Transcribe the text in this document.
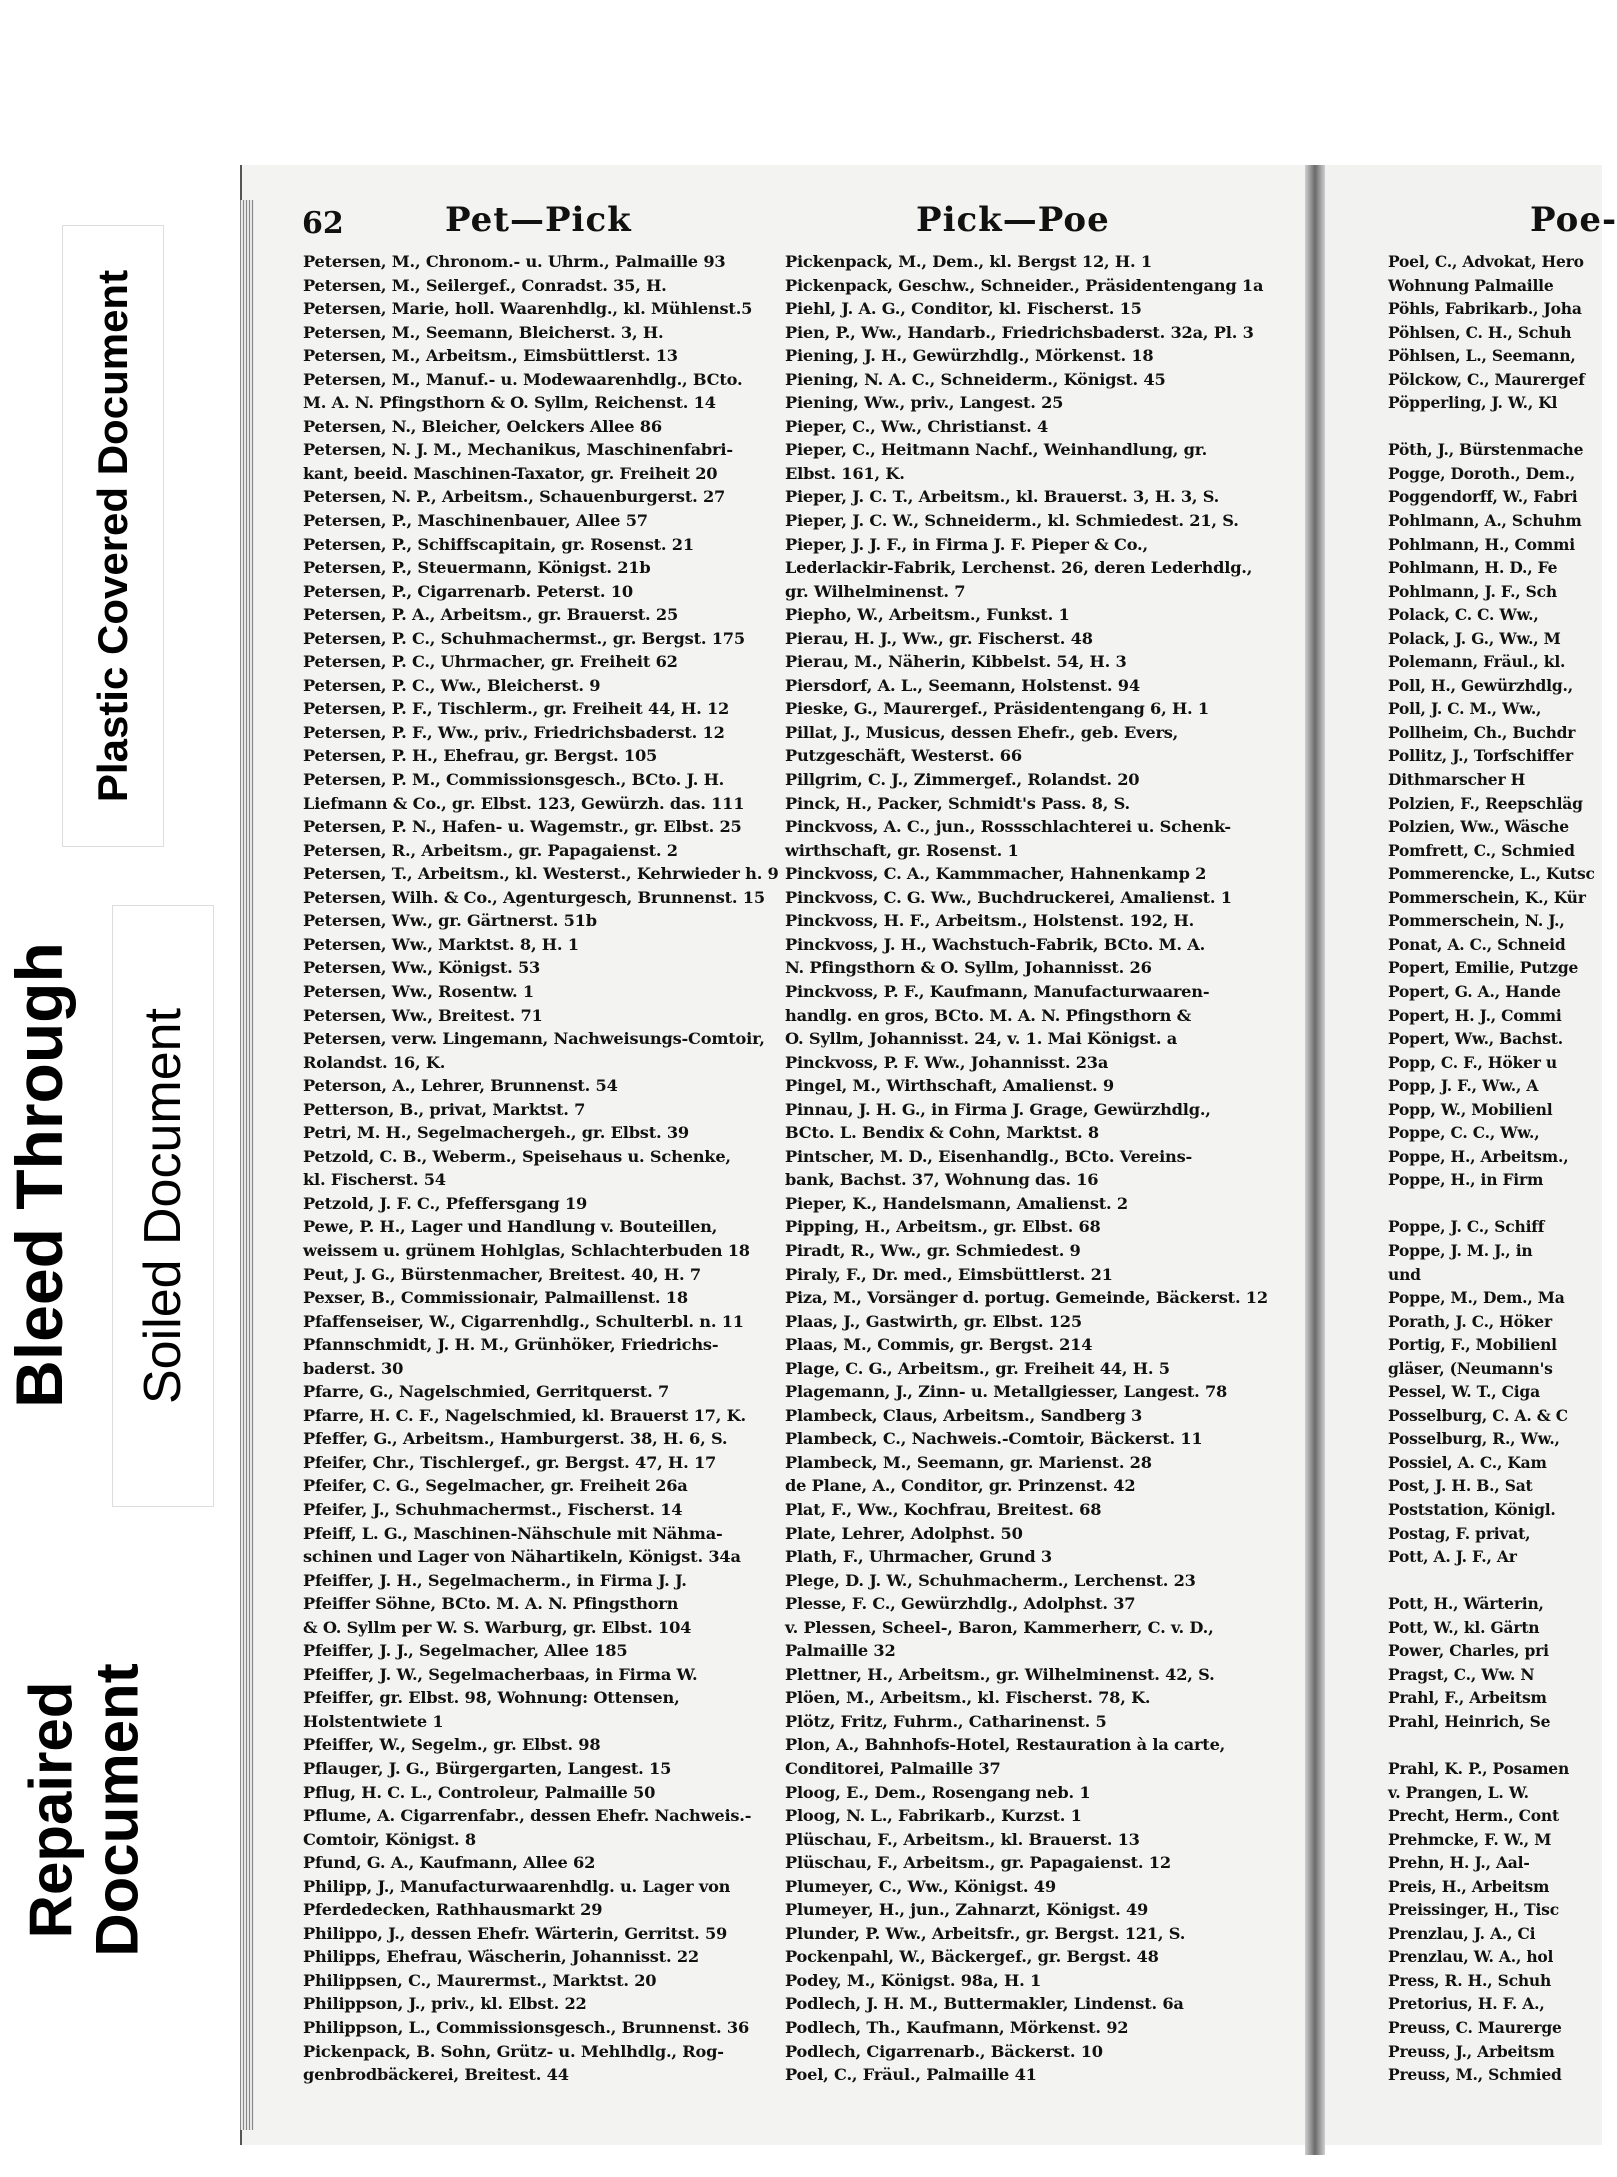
Bleed Through
Plastic Covered Document
Soiled Document
Repaired
Document
62	Pet—Pick	Pick—Poe	Poe-
Petersen, M., Chronom.- u. Uhrm., Palmaille 93
Petersen, M., Seilergef., Conradst. 35, H.
Petersen, Marie, holl. Waarenhdlg., kl. Mühlenst.5
Petersen, M., Seemann, Bleicherst. 3, H.
Petersen, M., Arbeitsm., Eimsbüttlerst. 13
Petersen, M., Manuf.- u. Modewaarenhdlg., BCto.
M. A. N. Pfingsthorn & O. Syllm, Reichenst. 14
Petersen, N., Bleicher, Oelckers Allee 86
Petersen, N. J. M., Mechanikus, Maschinenfabri-
kant, beeid. Maschinen-Taxator, gr. Freiheit 20
Petersen, N. P., Arbeitsm., Schauenburgerst. 27
Petersen, P., Maschinenbauer, Allee 57
Petersen, P., Schiffscapitain, gr. Rosenst. 21
Petersen, P., Steuermann, Königst. 21b
Petersen, P., Cigarrenarb. Peterst. 10
Petersen, P. A., Arbeitsm., gr. Brauerst. 25
Petersen, P. C., Schuhmachermst., gr. Bergst. 175
Petersen, P. C., Uhrmacher, gr. Freiheit 62
Petersen, P. C., Ww., Bleicherst. 9
Petersen, P. F., Tischlerm., gr. Freiheit 44, H. 12
Petersen, P. F., Ww., priv., Friedrichsbaderst. 12
Petersen, P. H., Ehefrau, gr. Bergst. 105
Petersen, P. M., Commissionsgesch., BCto. J. H.
Liefmann & Co., gr. Elbst. 123, Gewürzh. das. 111
Petersen, P. N., Hafen- u. Wagemstr., gr. Elbst. 25
Petersen, R., Arbeitsm., gr. Papagaienst. 2
Petersen, T., Arbeitsm., kl. Westerst., Kehrwieder h. 9
Petersen, Wilh. & Co., Agenturgesch, Brunnenst. 15
Petersen, Ww., gr. Gärtnerst. 51b
Petersen, Ww., Marktst. 8, H. 1
Petersen, Ww., Königst. 53
Petersen, Ww., Rosentw. 1
Petersen, Ww., Breitest. 71
Petersen, verw. Lingemann, Nachweisungs-Comtoir,
Rolandst. 16, K.
Peterson, A., Lehrer, Brunnenst. 54
Petterson, B., privat, Marktst. 7
Petri, M. H., Segelmachergeh., gr. Elbst. 39
Petzold, C. B., Weberm., Speisehaus u. Schenke,
kl. Fischerst. 54
Petzold, J. F. C., Pfeffersgang 19
Pewe, P. H., Lager und Handlung v. Bouteillen,
weissem u. grünem Hohlglas, Schlachterbuden 18
Peut, J. G., Bürstenmacher, Breitest. 40, H. 7
Pexser, B., Commissionair, Palmaillenst. 18
Pfaffenseiser, W., Cigarrenhdlg., Schulterbl. n. 11
Pfannschmidt, J. H. M., Grünhöker, Friedrichs-
baderst. 30
Pfarre, G., Nagelschmied, Gerritquerst. 7
Pfarre, H. C. F., Nagelschmied, kl. Brauerst 17, K.
Pfeffer, G., Arbeitsm., Hamburgerst. 38, H. 6, S.
Pfeifer, Chr., Tischlergef., gr. Bergst. 47, H. 17
Pfeifer, C. G., Segelmacher, gr. Freiheit 26a
Pfeifer, J., Schuhmachermst., Fischerst. 14
Pfeiff, L. G., Maschinen-Nähschule mit Nähma-
schinen und Lager von Nähartikeln, Königst. 34a
Pfeiffer, J. H., Segelmacherm., in Firma J. J.
Pfeiffer Söhne, BCto. M. A. N. Pfingsthorn
& O. Syllm per W. S. Warburg, gr. Elbst. 104
Pfeiffer, J. J., Segelmacher, Allee 185
Pfeiffer, J. W., Segelmacherbaas, in Firma W.
Pfeiffer, gr. Elbst. 98, Wohnung: Ottensen,
Holstentwiete 1
Pfeiffer, W., Segelm., gr. Elbst. 98
Pflauger, J. G., Bürgergarten, Langest. 15
Pflug, H. C. L., Controleur, Palmaille 50
Pflume, A. Cigarrenfabr., dessen Ehefr. Nachweis.-
Comtoir, Königst. 8
Pfund, G. A., Kaufmann, Allee 62
Philipp, J., Manufacturwaarenhdlg. u. Lager von
Pferdedecken, Rathhausmarkt 29
Philippo, J., dessen Ehefr. Wärterin, Gerritst. 59
Philipps, Ehefrau, Wäscherin, Johannisst. 22
Philippsen, C., Maurermst., Marktst. 20
Philippson, J., priv., kl. Elbst. 22
Philippson, L., Commissionsgesch., Brunnenst. 36
Pickenpack, B. Sohn, Grütz- u. Mehlhdlg., Rog-
genbrodbäckerei, Breitest. 44
Pickenpack, M., Dem., kl. Bergst 12, H. 1
Pickenpack, Geschw., Schneider., Präsidentengang 1a
Piehl, J. A. G., Conditor, kl. Fischerst. 15
Pien, P., Ww., Handarb., Friedrichsbaderst. 32a, Pl. 3
Piening, J. H., Gewürzhdlg., Mörkenst. 18
Piening, N. A. C., Schneiderm., Königst. 45
Piening, Ww., priv., Langest. 25
Pieper, C., Ww., Christianst. 4
Pieper, C., Heitmann Nachf., Weinhandlung, gr.
Elbst. 161, K.
Pieper, J. C. T., Arbeitsm., kl. Brauerst. 3, H. 3, S.
Pieper, J. C. W., Schneiderm., kl. Schmiedest. 21, S.
Pieper, J. J. F., in Firma J. F. Pieper & Co.,
Lederlackir-Fabrik, Lerchenst. 26, deren Lederhdlg.,
gr. Wilhelminenst. 7
Piepho, W., Arbeitsm., Funkst. 1
Pierau, H. J., Ww., gr. Fischerst. 48
Pierau, M., Näherin, Kibbelst. 54, H. 3
Piersdorf, A. L., Seemann, Holstenst. 94
Pieske, G., Maurergef., Präsidentengang 6, H. 1
Pillat, J., Musicus, dessen Ehefr., geb. Evers,
Putzgeschäft, Westerst. 66
Pillgrim, C. J., Zimmergef., Rolandst. 20
Pinck, H., Packer, Schmidt's Pass. 8, S.
Pinckvoss, A. C., jun., Rossschlachterei u. Schenk-
wirthschaft, gr. Rosenst. 1
Pinckvoss, C. A., Kammmacher, Hahnenkamp 2
Pinckvoss, C. G. Ww., Buchdruckerei, Amalienst. 1
Pinckvoss, H. F., Arbeitsm., Holstenst. 192, H.
Pinckvoss, J. H., Wachstuch-Fabrik, BCto. M. A.
N. Pfingsthorn & O. Syllm, Johannisst. 26
Pinckvoss, P. F., Kaufmann, Manufacturwaaren-
handlg. en gros, BCto. M. A. N. Pfingsthorn &
O. Syllm, Johannisst. 24, v. 1. Mai Königst. a
Pinckvoss, P. F. Ww., Johannisst. 23a
Pingel, M., Wirthschaft, Amalienst. 9
Pinnau, J. H. G., in Firma J. Grage, Gewürzhdlg.,
BCto. L. Bendix & Cohn, Marktst. 8
Pintscher, M. D., Eisenhandlg., BCto. Vereins-
bank, Bachst. 37, Wohnung das. 16
Pieper, K., Handelsmann, Amalienst. 2
Pipping, H., Arbeitsm., gr. Elbst. 68
Piradt, R., Ww., gr. Schmiedest. 9
Piraly, F., Dr. med., Eimsbüttlerst. 21
Piza, M., Vorsänger d. portug. Gemeinde, Bäckerst. 12
Plaas, J., Gastwirth, gr. Elbst. 125
Plaas, M., Commis, gr. Bergst. 214
Plage, C. G., Arbeitsm., gr. Freiheit 44, H. 5
Plagemann, J., Zinn- u. Metallgiesser, Langest. 78
Plambeck, Claus, Arbeitsm., Sandberg 3
Plambeck, C., Nachweis.-Comtoir, Bäckerst. 11
Plambeck, M., Seemann, gr. Marienst. 28
de Plane, A., Conditor, gr. Prinzenst. 42
Plat, F., Ww., Kochfrau, Breitest. 68
Plate, Lehrer, Adolphst. 50
Plath, F., Uhrmacher, Grund 3
Plege, D. J. W., Schuhmacherm., Lerchenst. 23
Plesse, F. C., Gewürzhdlg., Adolphst. 37
v. Plessen, Scheel-, Baron, Kammerherr, C. v. D.,
Palmaille 32
Plettner, H., Arbeitsm., gr. Wilhelminenst. 42, S.
Plöen, M., Arbeitsm., kl. Fischerst. 78, K.
Plötz, Fritz, Fuhrm., Catharinenst. 5
Plon, A., Bahnhofs-Hotel, Restauration à la carte,
Conditorei, Palmaille 37
Ploog, E., Dem., Rosengang neb. 1
Ploog, N. L., Fabrikarb., Kurzst. 1
Plüschau, F., Arbeitsm., kl. Brauerst. 13
Plüschau, F., Arbeitsm., gr. Papagaienst. 12
Plumeyer, C., Ww., Königst. 49
Plumeyer, H., jun., Zahnarzt, Königst. 49
Plunder, P. Ww., Arbeitsfr., gr. Bergst. 121, S.
Pockenpahl, W., Bäckergef., gr. Bergst. 48
Podey, M., Königst. 98a, H. 1
Podlech, J. H. M., Buttermakler, Lindenst. 6a
Podlech, Th., Kaufmann, Mörkenst. 92
Podlech, Cigarrenarb., Bäckerst. 10
Poel, C., Fräul., Palmaille 41
Poel, C., Advokat, Hero
Wohnung Palmaille
Pöhls, Fabrikarb., Joha
Pöhlsen, C. H., Schuh
Pöhlsen, L., Seemann,
Pölckow, C., Maurergef
Pöpperling, J. W., Kl
Pöth, J., Bürstenmache
Pogge, Doroth., Dem.,
Poggendorff, W., Fabri
Pohlmann, A., Schuhm
Pohlmann, H., Commi
Pohlmann, H. D., Fe
Pohlmann, J. F., Sch
Polack, C. C. Ww.,
Polack, J. G., Ww., M
Polemann, Fräul., kl.
Poll, H., Gewürzhdlg.,
Poll, J. C. M., Ww.,
Pollheim, Ch., Buchdr
Pollitz, J., Torfschiffer
Dithmarscher H
Polzien, F., Reepschläg
Polzien, Ww., Wäsche
Pomfrett, C., Schmied
Pommerencke, L., Kutsc
Pommerschein, K., Kür
Pommerschein, N. J.,
Ponat, A. C., Schneid
Popert, Emilie, Putzge
Popert, G. A., Hande
Popert, H. J., Commi
Popert, Ww., Bachst.
Popp, C. F., Höker u
Popp, J. F., Ww., A
Popp, W., Mobilienl
Poppe, C. C., Ww.,
Poppe, H., Arbeitsm.,
Poppe, H., in Firm
Poppe, J. C., Schiff
Poppe, J. M. J., in
und
Poppe, M., Dem., Ma
Porath, J. C., Höker
Portig, F., Mobilienl
gläser, (Neumann's
Pessel, W. T., Ciga
Posselburg, C. A. & C
Posselburg, R., Ww.,
Possiel, A. C., Kam
Post, J. H. B., Sat
Poststation, Königl.
Postag, F. privat,
Pott, A. J. F., Ar
Pott, H., Wärterin,
Pott, W., kl. Gärtn
Power, Charles, pri
Pragst, C., Ww. N
Prahl, F., Arbeitsm
Prahl, Heinrich, Se
Prahl, K. P., Posamen
v. Prangen, L. W.
Precht, Herm., Cont
Prehmcke, F. W., M
Prehn, H. J., Aal-
Preis, H., Arbeitsm
Preissinger, H., Tisc
Prenzlau, J. A., Ci
Prenzlau, W. A., hol
Press, R. H., Schuh
Pretorius, H. F. A.,
Preuss, C. Maurerge
Preuss, J., Arbeitsm
Preuss, M., Schmied
